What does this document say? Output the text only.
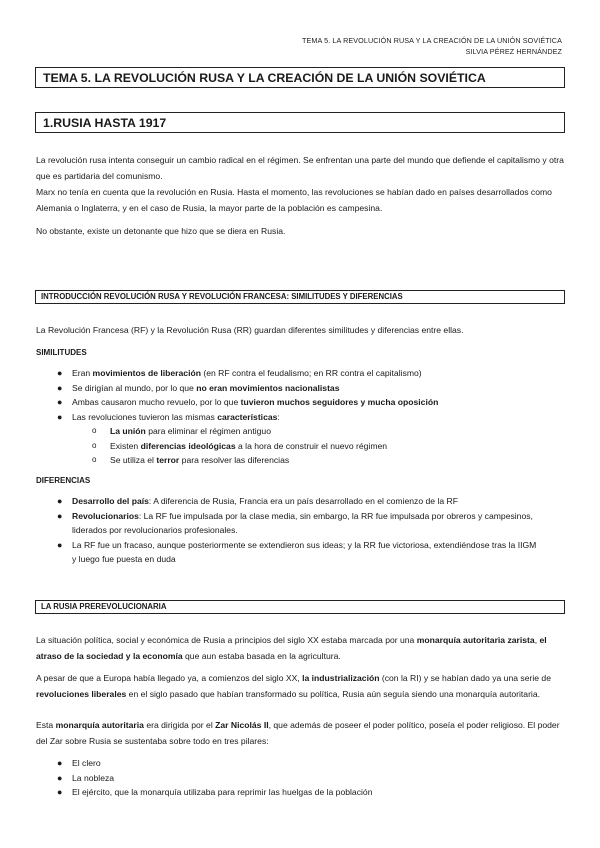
TEMA 5. LA REVOLUCIÓN RUSA Y LA CREACIÓN DE LA UNIÓN SOVIÉTICA
SILVIA PÉREZ HERNÁNDEZ
TEMA 5. LA REVOLUCIÓN RUSA Y LA CREACIÓN DE LA UNIÓN SOVIÉTICA
1.RUSIA HASTA 1917

La revolución rusa intenta conseguir un cambio radical en el régimen. Se enfrentan una parte del mundo que defiende el capitalismo y otra que es partidaria del comunismo.

Marx no tenía en cuenta que la revolución en Rusia. Hasta el momento, las revoluciones se habían dado en países desarrollados como Alemania o Inglaterra, y en el caso de Rusia, la mayor parte de la población es campesina.

No obstante, existe un detonante que hizo que se diera en Rusia.

INTRODUCCIÓN REVOLUCIÓN RUSA Y REVOLUCIÓN FRANCESA: SIMILITUDES Y DIFERENCIAS

La Revolución Francesa (RF) y la Revolución Rusa (RR) guardan diferentes similitudes y diferencias entre ellas.

SIMILITUDES
● Eran movimientos de liberación (en RF contra el feudalismo; en RR contra el capitalismo)
● Se dirigían al mundo, por lo que no eran movimientos nacionalistas
● Ambas causaron mucho revuelo, por lo que tuvieron muchos seguidores y mucha oposición
● Las revoluciones tuvieron las mismas características:
o La unión para eliminar el régimen antiguo
o Existen diferencias ideológicas a la hora de construir el nuevo régimen
o Se utiliza el terror para resolver las diferencias
DIFERENCIAS
● Desarrollo del país: A diferencia de Rusia, Francia era un país desarrollado en el comienzo de la RF
● Revolucionarios: La RF fue impulsada por la clase media, sin embargo, la RR fue impulsada por obreros y campesinos, liderados por revolucionarios profesionales.
● La RF fue un fracaso, aunque posteriormente se extendieron sus ideas; y la RR fue victoriosa, extendiéndose tras la IIGM y luego fue puesta en duda
LA RUSIA PREREVOLUCIONARIA

La situación política, social y económica de Rusia a principios del siglo XX estaba marcada por una monarquía autoritaria zarista, el atraso de la sociedad y la economía que aun estaba basada en la agricultura.

A pesar de que a Europa había llegado ya, a comienzos del siglo XX, la industrialización (con la RI) y se habían dado ya una serie de revoluciones liberales en el siglo pasado que habían transformado su política, Rusia aún seguía siendo una monarquía autoritaria.

Esta monarquía autoritaria era dirigida por el Zar Nicolás II, que además de poseer el poder político, poseía el poder religioso. El poder del Zar sobre Rusia se sustentaba sobre todo en tres pilares:

● El clero
● La nobleza
● El ejército, que la monarquía utilizaba para reprimir las huelgas de la población
